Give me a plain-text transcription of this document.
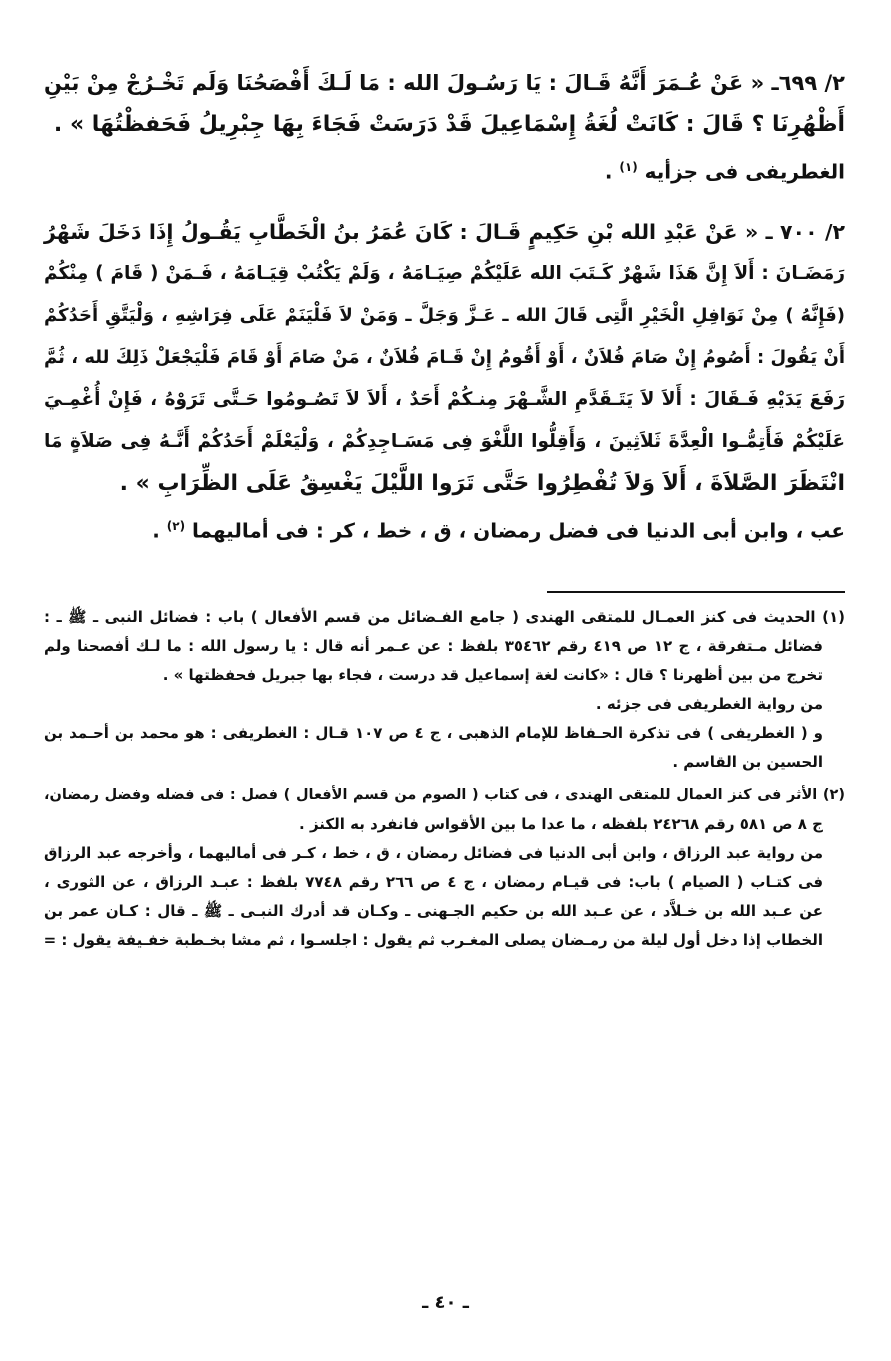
٢/ ٦٩٩ـ « عَنْ عُـمَرَ أَنَّهُ قَـالَ : يَا رَسُـولَ الله : مَا لَـكَ أَفْصَحُنَا وَلَم تَخْـرُجْ مِنْ بَيْنِ

أَظْهُرِنَا ؟ قَالَ : كَانَتْ لُغَةُ إِسْمَاعِيلَ قَدْ دَرَسَتْ فَجَاءَ بِهَا جِبْرِيلُ فَحَفظْتُهَا » .

الغطريفى فى جزأيه $^{(١)}$ .

٢/ ٧٠٠ ـ « عَنْ عَبْدِ الله بْنِ حَكِيمٍ قَـالَ : كَانَ عُمَرُ بنُ الْخَطَّابِ يَقُـولُ إِذَا دَخَلَ شَهْرُ

رَمَضَـانَ : أَلاَ إِنَّ هَذَا شَهْرٌ كَـتَبَ الله عَلَيْكُمْ صِيَـامَهُ ، وَلَمْ يَكْتُبْ قِيَـامَهُ ، فَـمَنْ ( قَامَ ) مِنْكُمْ

(فَإِنَّهُ ) مِنْ نَوَافِلِ الْخَيْرِ الَّتِى قَالَ الله ـ عَـزَّ وَجَلَّ ـ وَمَنْ لاَ فَلْيَنَمْ عَلَى فِرَاشِهِ ، وَلْيَتَّقِ أَحَدُكُمْ

أَنْ يَقُولَ : أَصُومُ إِنْ صَامَ فُلاَنٌ ، أَوْ أَقُومُ إِنْ قَـامَ فُلاَنٌ ، مَنْ صَامَ أَوْ قَامَ فَلْيَجْعَلْ ذَلِكَ لله ، ثُمَّ

رَفَعَ يَدَيْهِ فَـقَالَ : أَلاَ لاَ يَتَـقَدَّمِ الشَّـهْرَ مِنـكُمْ أَحَدٌ ، أَلاَ لاَ تَصُـومُوا حَـتَّى تَرَوْهُ ، فَإِنْ أُغْمِـيَ

عَلَيْكُمْ فَأَتِمُّـوا الْعِدَّةَ ثَلاَثِينَ ، وَأَقِلُّوا اللَّغْوَ فِى مَسَـاجِدِكُمْ ، وَلْيَعْلَمْ أَحَدُكُمْ أَنَّـهُ فِى صَلاَةٍ مَا

انْتَظَرَ الصَّلاَةَ ، أَلاَ وَلاَ تُفْطِرُوا حَتَّى تَرَوا اللَّيْلَ يَغْسِقُ عَلَى الظِّرَابِ » .

عب ، وابن أبى الدنيا فى فضل رمضان ، ق ، خط ، كر : فى أماليهما $^{(٢)}$ .

(١) الحديث فى كنز العمـال للمتقى الهندى ( جامع الفـضائل من قسم الأفعال ) باب : فضائل النبى ـ ﷺ ـ :

فضائل مـتفرقة ، ج ١٢ ص ٤١٩ رقم ٣٥٤٦٢ بلفظ : عن عـمر أنه قال : يا رسول الله : ما لـك أفصحنا ولم

تخرج من بين أظهرنا ؟ قال : «كانت لغة إسماعيل قد درست ، فجاء بها جبريل فحفظتها » .

من رواية الغطريفى فى جزئه .

و ( الغطريفى ) فى تذكرة الحـفاظ للإمام الذهبى ، ج ٤ ص ١٠٧ قـال : الغطريفى : هو محمد بن أحـمد بن

الحسين بن القاسم .

(٢) الأثر فى كنز العمال للمتقى الهندى ، فى كتاب ( الصوم من قسم الأفعال ) فصل : فى فضله وفضل رمضان،

ج ٨ ص ٥٨١ رقم ٢٤٢٦٨ بلفظه ، ما عدا ما بين الأقواس فانفرد به الكنز .

من رواية عبد الرزاق ، وابن أبى الدنيا فى فضائل رمضان ، ق ، خط ، كـر فى أماليهما ، وأخرجه عبد الرزاق

فى كتـاب ( الصيام ) باب: فى قيـام رمضان ، ج ٤ ص ٢٦٦ رقم ٧٧٤٨ بلفظ : عبـد الرزاق ، عن الثورى ،

عن عـبد الله بن خـلاَّد ، عن عـبد الله بن حكيم الجـهنى ـ وكـان قد أدرك النبـى ـ ﷺ ـ قال : كـان عمر بن

الخطاب إذا دخل أول ليلة من رمـضان يصلى المغـرب ثم يقول : اجلسـوا ، ثم مشا بخـطبة خفـيفة يقول : =

ـ ٤٠ ـ
